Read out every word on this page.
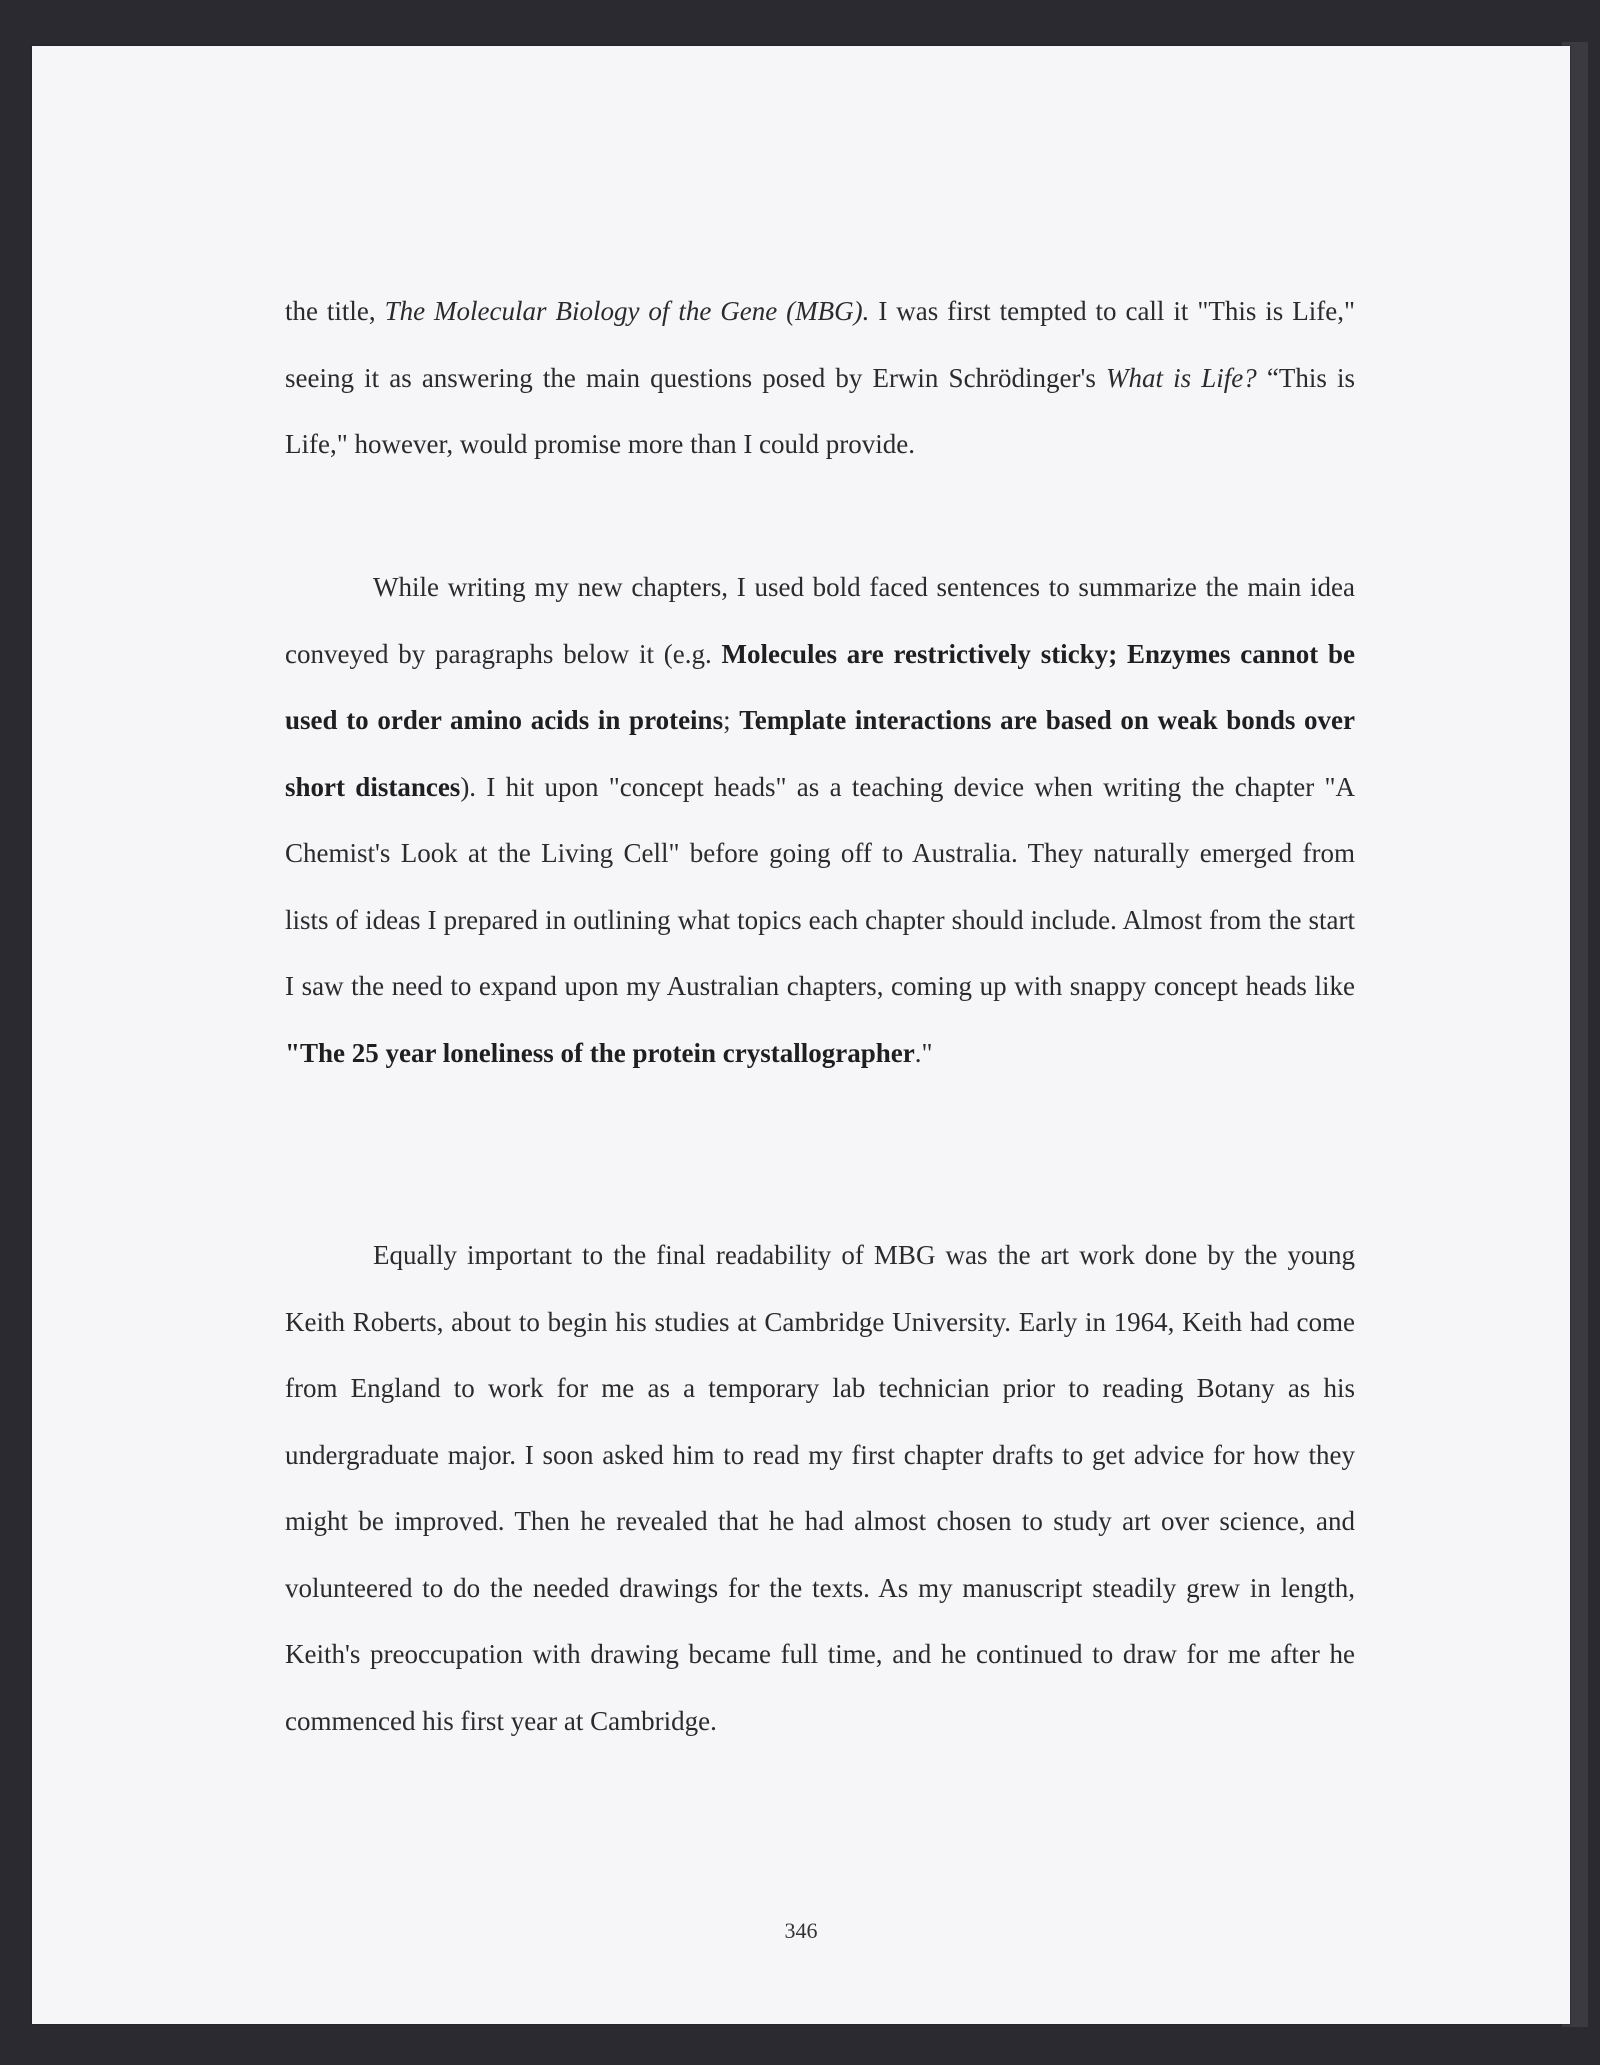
the title, The Molecular Biology of the Gene (MBG). I was first tempted to call it "This is Life," seeing it as answering the main questions posed by Erwin Schrödinger's What is Life? “This is Life," however, would promise more than I could provide.

While writing my new chapters, I used bold faced sentences to summarize the main idea conveyed by paragraphs below it (e.g. Molecules are restrictively sticky; Enzymes cannot be used to order amino acids in proteins; Template interactions are based on weak bonds over short distances). I hit upon "concept heads" as a teaching device when writing the chapter "A Chemist's Look at the Living Cell" before going off to Australia. They naturally emerged from lists of ideas I prepared in outlining what topics each chapter should include. Almost from the start I saw the need to expand upon my Australian chapters, coming up with snappy concept heads like "The 25 year loneliness of the protein crystallographer."

Equally important to the final readability of MBG was the art work done by the young Keith Roberts, about to begin his studies at Cambridge University. Early in 1964, Keith had come from England to work for me as a temporary lab technician prior to reading Botany as his undergraduate major. I soon asked him to read my first chapter drafts to get advice for how they might be improved. Then he revealed that he had almost chosen to study art over science, and volunteered to do the needed drawings for the texts. As my manuscript steadily grew in length, Keith's preoccupation with drawing became full time, and he continued to draw for me after he commenced his first year at Cambridge.

346
